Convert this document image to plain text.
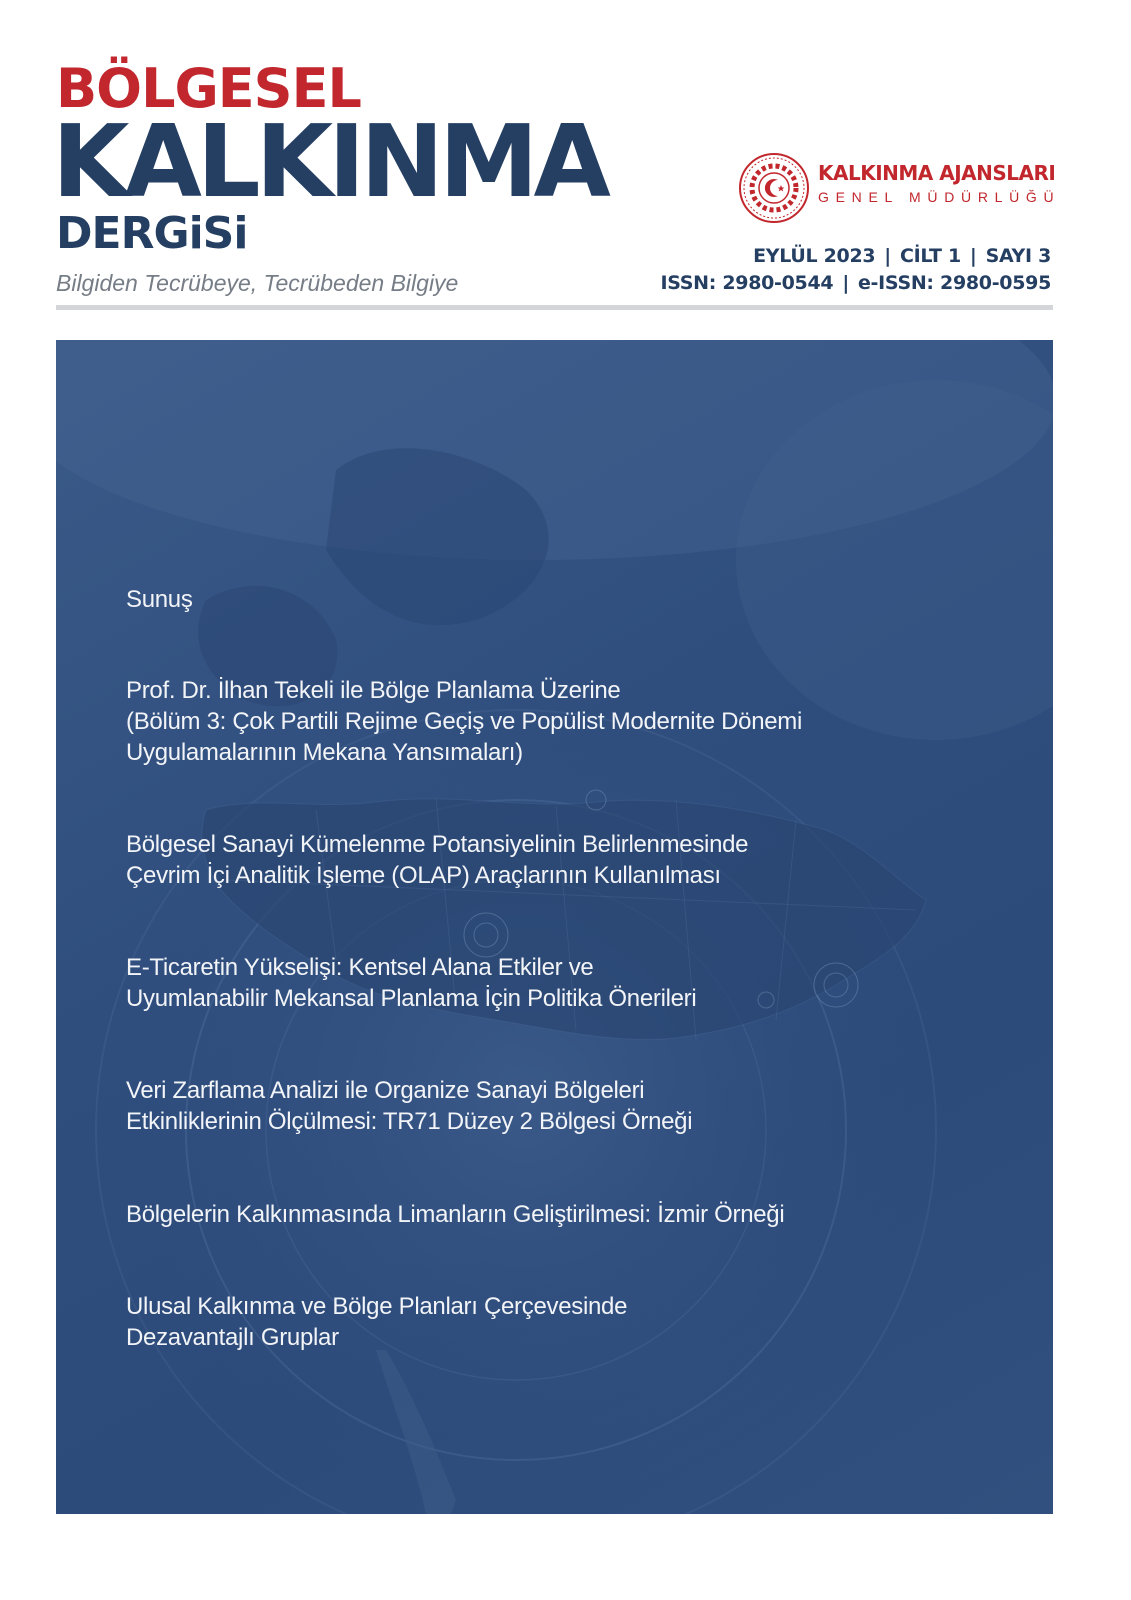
BÖLGESEL
KALKINMA
DERGiSi
Bilgiden Tecrübeye, Tecrübeden Bilgiye
KALKINMA AJANSLARI
GENEL MÜDÜRLÜĞÜ
EYLÜL 2023 | CİLT 1 | SAYI 3
ISSN: 2980-0544 | e-ISSN: 2980-0595
Sunuş
Prof. Dr. İlhan Tekeli ile Bölge Planlama Üzerine
(Bölüm 3: Çok Partili Rejime Geçiş ve Popülist Modernite Dönemi
Uygulamalarının Mekana Yansımaları)
Bölgesel Sanayi Kümelenme Potansiyelinin Belirlenmesinde
Çevrim İçi Analitik İşleme (OLAP) Araçlarının Kullanılması
E-Ticaretin Yükselişi: Kentsel Alana Etkiler ve
Uyumlanabilir Mekansal Planlama İçin Politika Önerileri
Veri Zarflama Analizi ile Organize Sanayi Bölgeleri
Etkinliklerinin Ölçülmesi: TR71 Düzey 2 Bölgesi Örneği
Bölgelerin Kalkınmasında Limanların Geliştirilmesi: İzmir Örneği
Ulusal Kalkınma ve Bölge Planları Çerçevesinde
Dezavantajlı Gruplar
